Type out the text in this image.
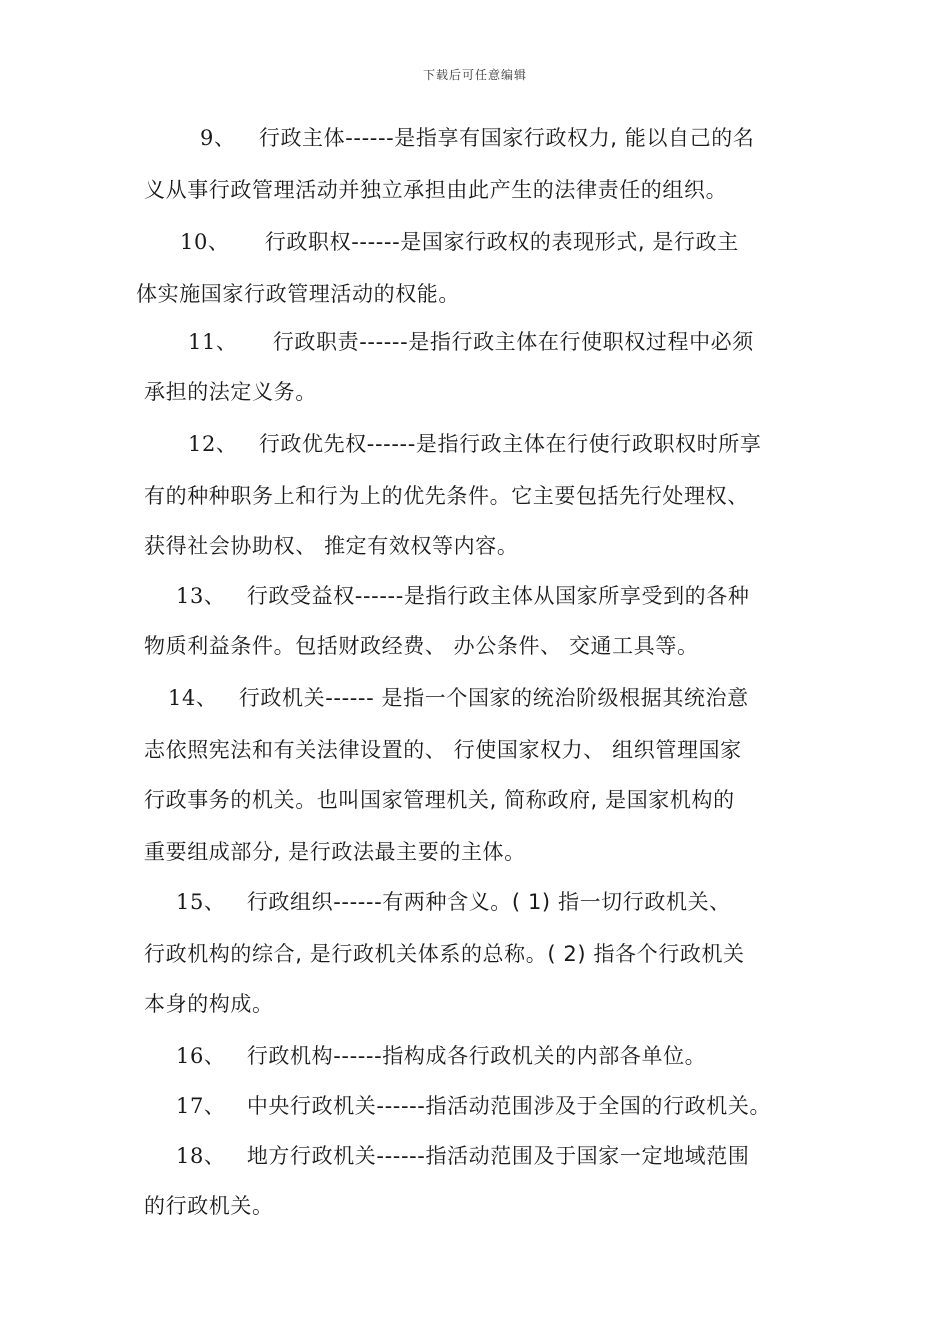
下载后可任意编辑
9、 行政主体------是指享有国家行政权力, 能以自己的名
义从事行政管理活动并独立承担由此产生的法律责任的组织。
10、 行政职权------是国家行政权的表现形式, 是行政主
体实施国家行政管理活动的权能。
11、 行政职责------是指行政主体在行使职权过程中必须
承担的法定义务。
12、 行政优先权------是指行政主体在行使行政职权时所享
有的种种职务上和行为上的优先条件。它主要包括先行处理权、
获得社会协助权、 推定有效权等内容。
13、 行政受益权------是指行政主体从国家所享受到的各种
物质利益条件。包括财政经费、 办公条件、 交通工具等。
14、 行政机关------ 是指一个国家的统治阶级根据其统治意
志依照宪法和有关法律设置的、 行使国家权力、 组织管理国家
行政事务的机关。也叫国家管理机关, 简称政府, 是国家机构的
重要组成部分, 是行政法最主要的主体。
15、 行政组织------有两种含义。( 1) 指一切行政机关、
行政机构的综合, 是行政机关体系的总称。( 2) 指各个行政机关
本身的构成。
16、 行政机构------指构成各行政机关的内部各单位。
17、 中央行政机关------指活动范围涉及于全国的行政机关。
18、 地方行政机关------指活动范围及于国家一定地域范围
的行政机关。
